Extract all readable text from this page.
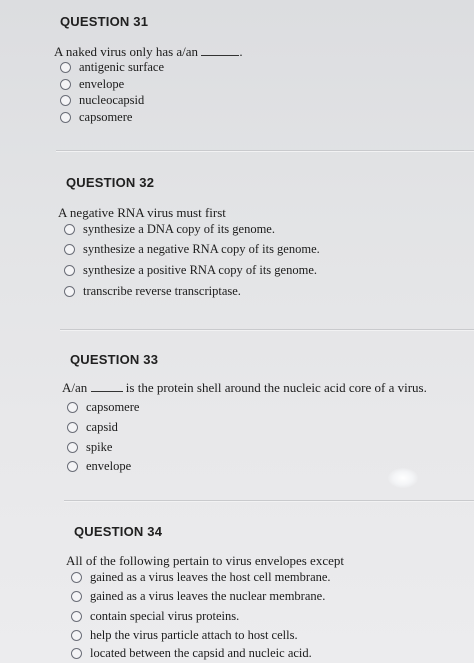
QUESTION 31
A naked virus only has a/an	.
antigenic surface
envelope
nucleocapsid
capsomere
QUESTION 32
A negative RNA virus must first
synthesize a DNA copy of its genome.
synthesize a negative RNA copy of its genome.
synthesize a positive RNA copy of its genome.
transcribe reverse transcriptase.
QUESTION 33
A/an	is the protein shell around the nucleic acid core of a virus.
capsomere
capsid
spike
envelope
QUESTION 34
All of the following pertain to virus envelopes except
gained as a virus leaves the host cell membrane.
gained as a virus leaves the nuclear membrane.
contain special virus proteins.
help the virus particle attach to host cells.
located between the capsid and nucleic acid.
